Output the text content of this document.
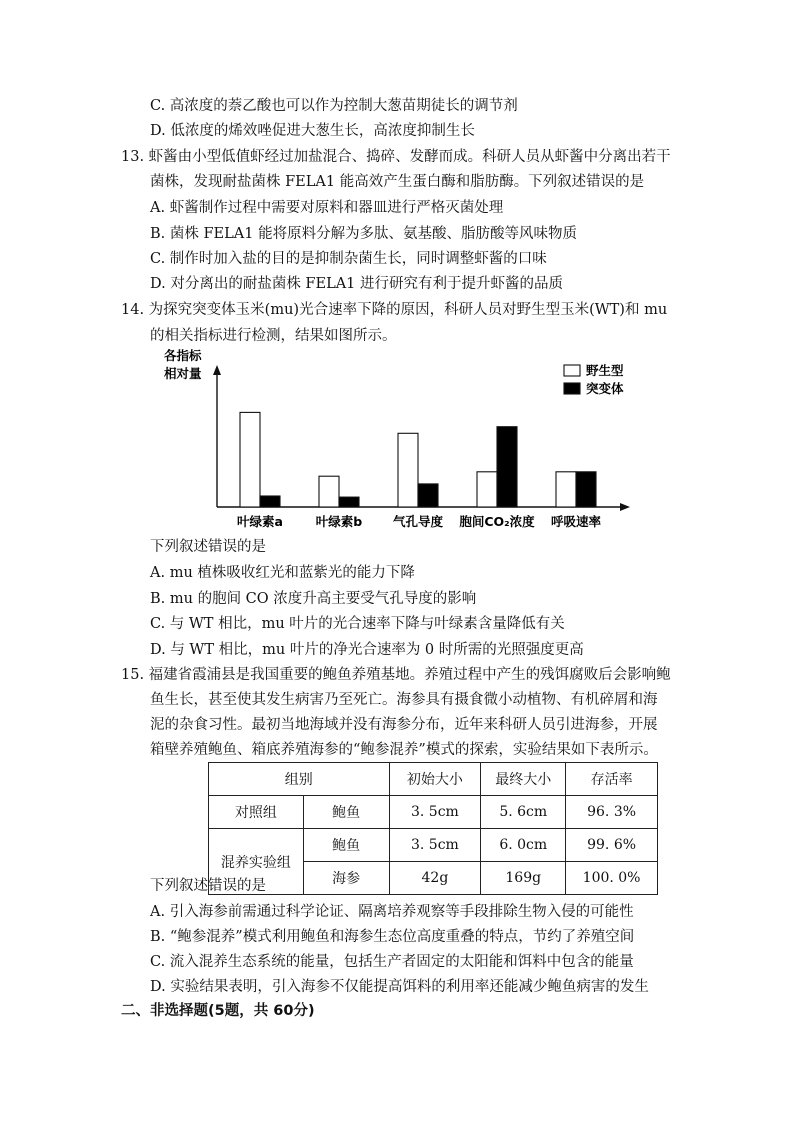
C. 高浓度的萘乙酸也可以作为控制大葱苗期徒长的调节剂
D. 低浓度的烯效唑促进大葱生长，高浓度抑制生长
13. 虾酱由小型低值虾经过加盐混合、捣碎、发酵而成。科研人员从虾酱中分离出若干
菌株，发现耐盐菌株 FELA1 能高效产生蛋白酶和脂肪酶。下列叙述错误的是
A. 虾酱制作过程中需要对原料和器皿进行严格灭菌处理
B. 菌株 FELA1 能将原料分解为多肽、氨基酸、脂肪酸等风味物质
C. 制作时加入盐的目的是抑制杂菌生长，同时调整虾酱的口味
D. 对分离出的耐盐菌株 FELA1 进行研究有利于提升虾酱的品质
14. 为探究突变体玉米(mu)光合速率下降的原因，科研人员对野生型玉米(WT)和 mu
的相关指标进行检测，结果如图所示。
各指标
相对量
叶绿素a	叶绿素b 气孔导度 胞间CO₂浓度 呼吸速率
野生型
突变体
下列叙述错误的是
A. mu 植株吸收红光和蓝紫光的能力下降
B. mu 的胞间 CO 浓度升高主要受气孔导度的影响
C. 与 WT 相比，mu 叶片的光合速率下降与叶绿素含量降低有关
D. 与 WT 相比，mu 叶片的净光合速率为 0 时所需的光照强度更高
15. 福建省霞浦县是我国重要的鲍鱼养殖基地。养殖过程中产生的残饵腐败后会影响鲍
鱼生长，甚至使其发生病害乃至死亡。海参具有摄食微小动植物、有机碎屑和海
泥的杂食习性。最初当地海域并没有海参分布，近年来科研人员引进海参，开展
箱壁养殖鲍鱼、箱底养殖海参的“鲍参混养”模式的探索，实验结果如下表所示。
组别		初始大小	最终大小	存活率
对照组	鲍鱼	3. 5cm	5. 6cm	96. 3%
混养实验组	鲍鱼	3. 5cm	6. 0cm	99. 6%
	海参	42g	169g	100. 0%
下列叙述错误的是
A. 引入海参前需通过科学论证、隔离培养观察等手段排除生物入侵的可能性
B. “鲍参混养”模式利用鲍鱼和海参生态位高度重叠的特点，节约了养殖空间
C. 流入混养生态系统的能量，包括生产者固定的太阳能和饵料中包含的能量
D. 实验结果表明，引入海参不仅能提高饵料的利用率还能减少鲍鱼病害的发生
二、非选择题(5题，共 60分)
